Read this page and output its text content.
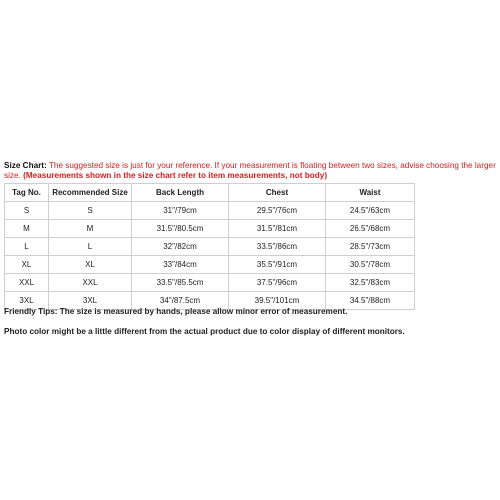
Size Chart: The suggested size is just for your reference. If your measurement is floating between two sizes, advise choosing the larger size. (Measurements shown in the size chart refer to item measurements, not body)

Tag No.	Recommended Size	Back Length	Chest	Waist
S	S	31"/79cm	29.5"/76cm	24.5"/63cm
M	M	31.5"/80.5cm	31.5"/81cm	26.5"/68cm
L	L	32"/82cm	33.5"/86cm	28.5"/73cm
XL	XL	33"/84cm	35.5"/91cm	30.5"/78cm
XXL	XXL	33.5"/85.5cm	37.5"/96cm	32.5"/83cm
3XL	3XL	34"/87.5cm	39.5"/101cm	34.5"/88cm

Friendly Tips: The size is measured by hands, please allow minor error of measurement.

Photo color might be a little different from the actual product due to color display of different monitors.
